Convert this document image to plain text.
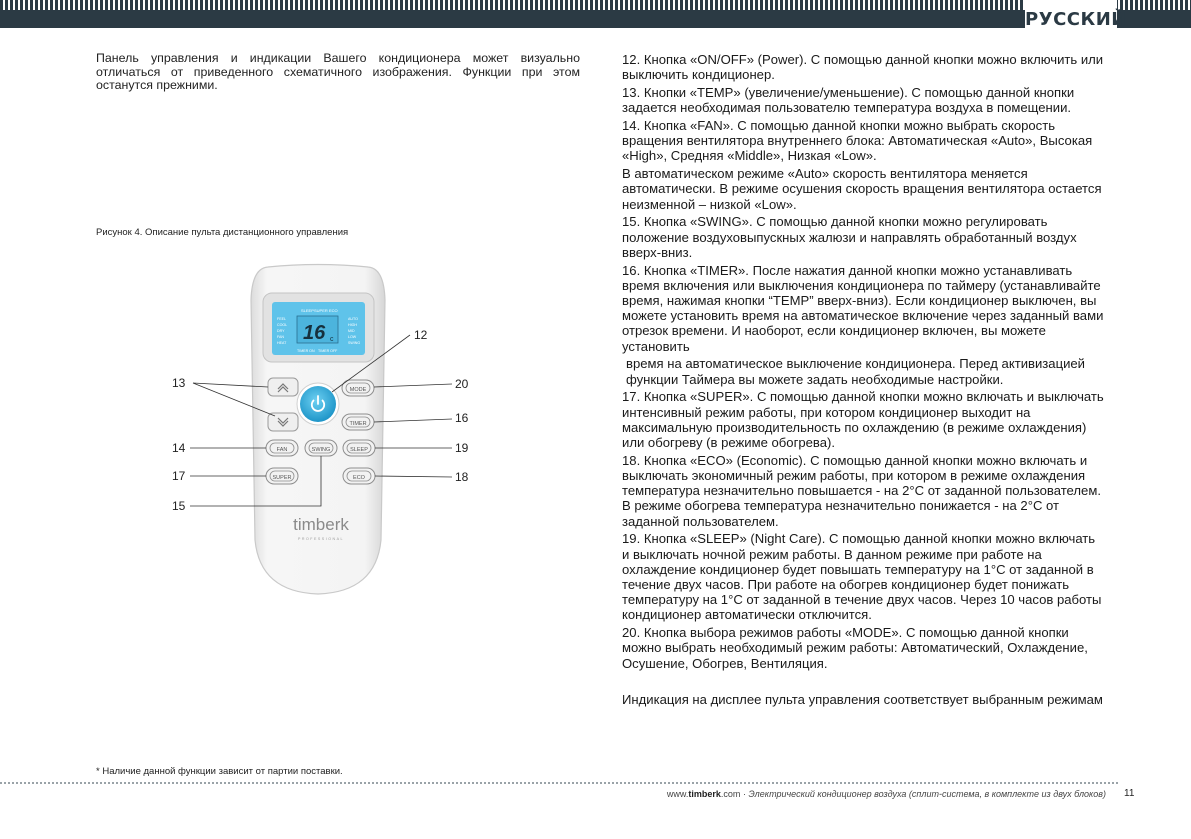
РУССКИЙ
Панель управления и индикации Вашего кондиционера может визуально отличаться от приведенного схематичного изображения. Функции при этом останутся прежними.
Рисунок 4. Описание пульта дистанционного управления
SLEEP SUPER ECO
FEEL
COOL
DRY
FAN
HEAT
AUTO
HIGH
MID
LOW
SWING
16 c
TIMER ON TIMER OFF
MODE
TIMER
FAN	SWING	SLEEP
SUPER	ECO
timberk
PROFESSIONAL
12
13	20
16
14	19
17	18
15
* Наличие данной функции зависит от партии поставки.

12. Кнопка «ON/OFF» (Power). С помощью данной кнопки можно включить или выключить кондиционер.

13. Кнопки «TEMP» (увеличение/уменьшение). С помощью данной кнопки задается необходимая пользователю температура воздуха в помещении.

14. Кнопка «FAN». С помощью данной кнопки можно выбрать скорость вращения вентилятора внутреннего блока: Автоматическая «Auto», Высокая «High», Средняя «Middle», Низкая «Low».

В автоматическом режиме «Auto» скорость вентилятора меняется автоматически. В режиме осушения скорость вращения вентилятора остается неизменной – низкой «Low».

15. Кнопка «SWING». С помощью данной кнопки можно регулировать положение воздуховыпускных жалюзи и направлять обработанный воздух вверх-вниз.

16. Кнопка «TIMER». После нажатия данной кнопки можно устанавливать время включения или выключения кондиционера по таймеру (устанавливайте время, нажимая кнопки “TEMP” вверх-вниз). Если кондиционер выключен, вы можете установить время на автоматическое включение через заданный вами отрезок времени. И наоборот, если кондиционер включен, вы можете установить

время на автоматическое выключение кондиционера. Перед активизацией функции Таймера вы можете задать необходимые настройки.

17. Кнопка «SUPER». С помощью данной кнопки можно включать и выключать интенсивный режим работы, при котором кондиционер выходит на максимальную производительность по охлаждению (в режиме охлаждения) или обогреву (в режиме обогрева).

18. Кнопка «ECO» (Economic). С помощью данной кнопки можно включать и выключать экономичный режим работы, при котором в режиме охлаждения температура незначительно повышается - на 2°С от заданной пользователем. В режиме обогрева температура незначительно понижается - на 2°С от заданной пользователем.

19. Кнопка «SLEEP» (Night Care). С помощью данной кнопки можно включать и выключать ночной режим работы. В данном режиме при работе на охлаждение кондиционер будет повышать температуру на 1°С от заданной в течение двух часов. При работе на обогрев кондиционер будет понижать температуру на 1°С от заданной в течение двух часов. Через 10 часов работы кондиционер автоматически отключится.

20. Кнопка выбора режимов работы «MODE». С помощью данной кнопки можно выбрать необходимый режим работы: Автоматический, Охлаждение, Осушение, Обогрев, Вентиляция.

Индикация на дисплее пульта управления соответствует выбранным режимам

www.timberk.com · Электрический кондиционер воздуха (сплит-система, в комплекте из двух блоков) 11
